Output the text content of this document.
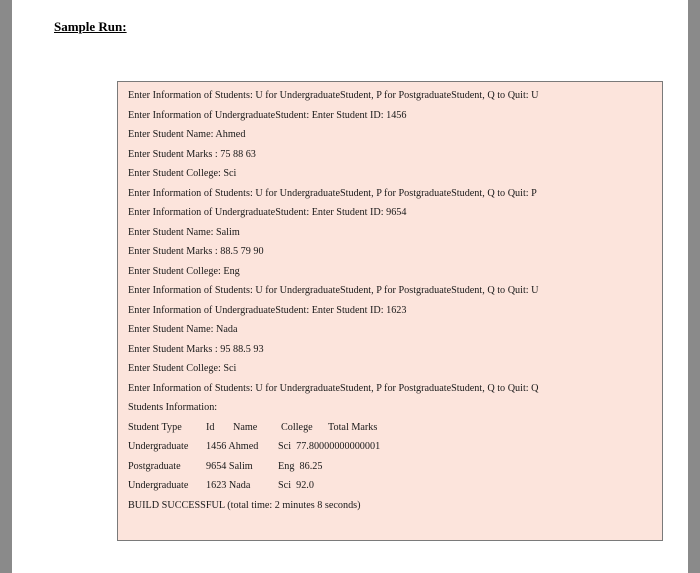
Sample Run:
Enter Information of Students: U for UndergraduateStudent, P for PostgraduateStudent, Q to Quit: U
Enter Information of UndergraduateStudent: Enter Student ID: 1456
Enter Student Name: Ahmed
Enter Student Marks : 75 88 63
Enter Student College: Sci
Enter Information of Students: U for UndergraduateStudent, P for PostgraduateStudent, Q to Quit: P
Enter Information of UndergraduateStudent: Enter Student ID: 9654
Enter Student Name: Salim
Enter Student Marks : 88.5 79 90
Enter Student College: Eng
Enter Information of Students: U for UndergraduateStudent, P for PostgraduateStudent, Q to Quit: U
Enter Information of UndergraduateStudent: Enter Student ID: 1623
Enter Student Name: Nada
Enter Student Marks : 95 88.5 93
Enter Student College: Sci
Enter Information of Students: U for UndergraduateStudent, P for PostgraduateStudent, Q to Quit: Q
Students Information:
Student Type Id Name College Total Marks
Undergraduate 1456 Ahmed Sci  77.80000000000001
Postgraduate 9654 Salim Eng  86.25
Undergraduate 1623 Nada	Sci  92.0
BUILD SUCCESSFUL (total time: 2 minutes 8 seconds)
